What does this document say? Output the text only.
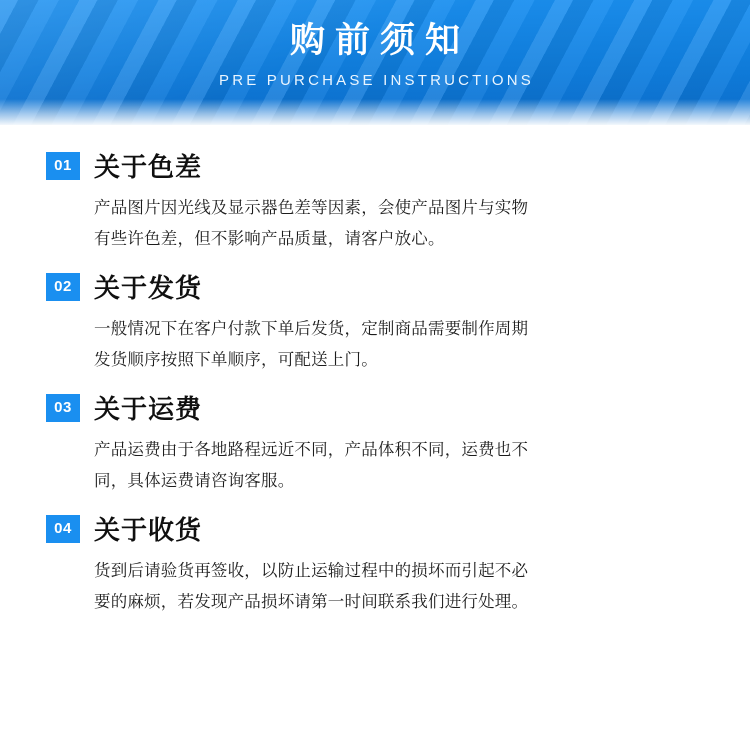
购前须知
PRE PURCHASE INSTRUCTIONS
01 关于色差

产品图片因光线及显示器色差等因素，会使产品图片与实物

有些许色差，但不影响产品质量，请客户放心。

02 关于发货

一般情况下在客户付款下单后发货，定制商品需要制作周期

发货顺序按照下单顺序，可配送上门。

03 关于运费

产品运费由于各地路程远近不同，产品体积不同，运费也不

同，具体运费请咨询客服。

04 关于收货

货到后请验货再签收，以防止运输过程中的损坏而引起不必

要的麻烦，若发现产品损坏请第一时间联系我们进行处理。
